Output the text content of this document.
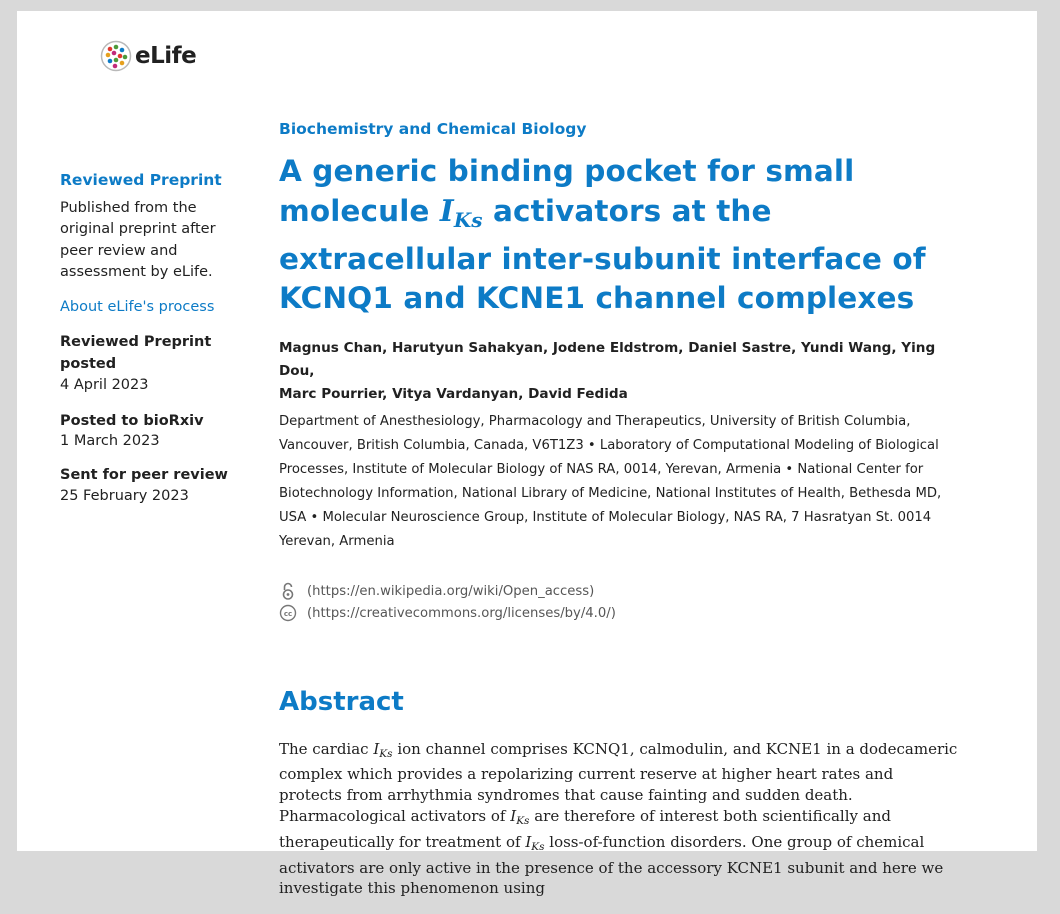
eLife
Reviewed Preprint
Published from the original preprint after peer review and assessment by eLife.
About eLife's process
Reviewed Preprint posted
4 April 2023
Posted to bioRxiv
1 March 2023
Sent for peer review
25 February 2023
Biochemistry and Chemical Biology
A generic binding pocket for small molecule $I_{Ks}$ activators at the extracellular inter-subunit interface of KCNQ1 and KCNE1 channel complexes
Magnus Chan, Harutyun Sahakyan, Jodene Eldstrom, Daniel Sastre, Yundi Wang, Ying Dou,
Marc Pourrier, Vitya Vardanyan, David Fedida
Department of Anesthesiology, Pharmacology and Therapeutics, University of British Columbia, Vancouver, British Columbia, Canada, V6T1Z3 • Laboratory of Computational Modeling of Biological Processes, Institute of Molecular Biology of NAS RA, 0014, Yerevan, Armenia • National Center for Biotechnology Information, National Library of Medicine, National Institutes of Health, Bethesda MD, USA • Molecular Neuroscience Group, Institute of Molecular Biology, NAS RA, 7 Hasratyan St. 0014 Yerevan, Armenia
(https://en.wikipedia.org/wiki/Open_access)
cc (https://creativecommons.org/licenses/by/4.0/)
Abstract

The cardiac $I_{Ks}$ ion channel comprises KCNQ1, calmodulin, and KCNE1 in a dodecameric complex which provides a repolarizing current reserve at higher heart rates and protects from arrhythmia syndromes that cause fainting and sudden death. Pharmacological activators of $I_{Ks}$ are therefore of interest both scientifically and therapeutically for treatment of $I_{Ks}$ loss-of-function disorders. One group of chemical activators are only active in the presence of the accessory KCNE1 subunit and here we investigate this phenomenon using
